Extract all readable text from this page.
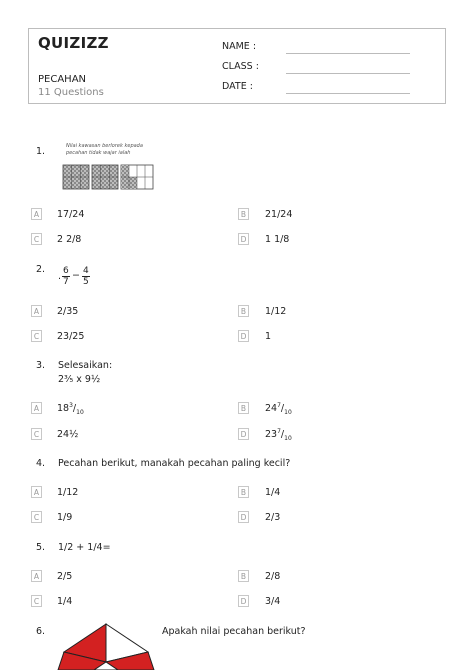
QUIZIZZ
PECAHAN
11 Questions
NAME :
CLASS :
DATE :
1.	Nilai kawasan berlorek kepada
pecahan tidak wajar ialah
A	17/24	B	21/24
C	2 2/8	D 1 1/8
2.
. $\frac{6}{7} - \frac{4}{5}$
A	2/35	B	1/12
C	23/25	D 1
3. Selesaikan:
2⅗ x 9½
A	$18^3/_{10}$	B	$24^7/_{10}$
C	24½	D $23^7/_{10}$
4. Pecahan berikut, manakah pecahan paling kecil?
A	1/12	B	1/4
C	1/9	D 2/3
5. 1/2 + 1/4=
A	2/5	B	2/8
C	1/4	D 3/4
6.	Apakah nilai pecahan berikut?
